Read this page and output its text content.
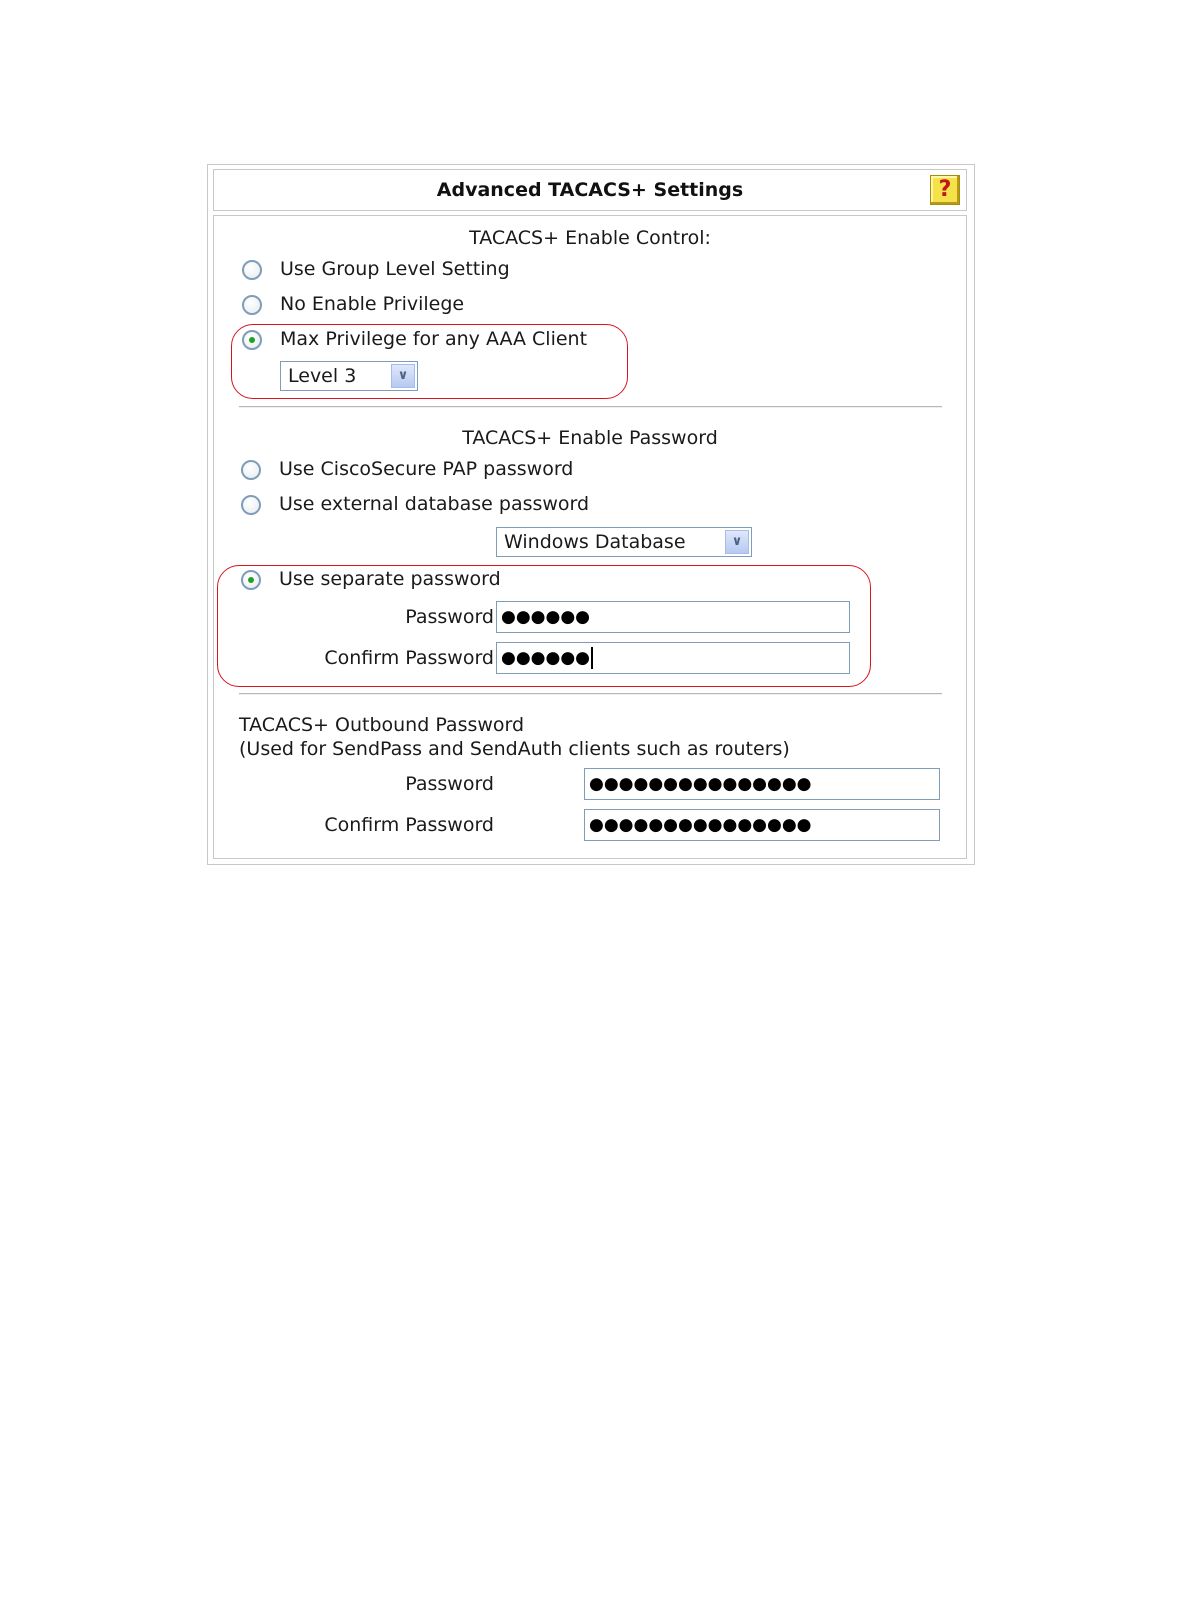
Advanced TACACS+ Settings	?
TACACS+ Enable Control:
Use Group Level Setting
No Enable Privilege
Max Privilege for any AAA Client
Level 3	∨
TACACS+ Enable Password
Use CiscoSecure PAP password
Use external database password
Windows Database	∨
Use separate password
Password ●●●●●●
Confirm Password ●●●●●●
TACACS+ Outbound Password
(Used for SendPass and SendAuth clients such as routers)
Password	●●●●●●●●●●●●●●●
Confirm Password	●●●●●●●●●●●●●●●
